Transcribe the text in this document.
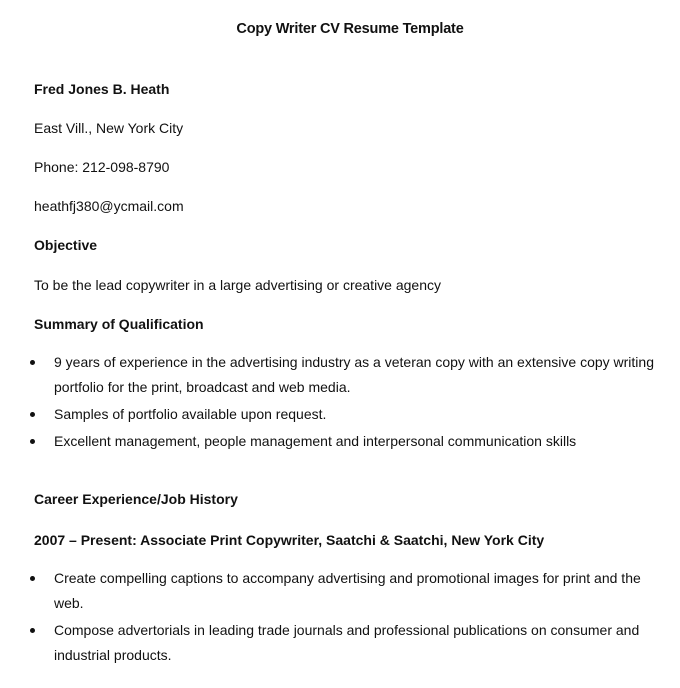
Copy Writer CV Resume Template
Fred Jones B. Heath
East Vill., New York City
Phone: 212-098-8790
heathfj380@ycmail.com
Objective
To be the lead copywriter in a large advertising or creative agency
Summary of Qualification
9 years of experience in the advertising industry as a veteran copy with an extensive copy writing portfolio for the print, broadcast and web media.
Samples of portfolio available upon request.
Excellent management, people management and interpersonal communication skills
Career Experience/Job History
2007 – Present: Associate Print Copywriter, Saatchi & Saatchi, New York City
Create compelling captions to accompany advertising and promotional images for print and the web.
Compose advertorials in leading trade journals and professional publications on consumer and industrial products.
